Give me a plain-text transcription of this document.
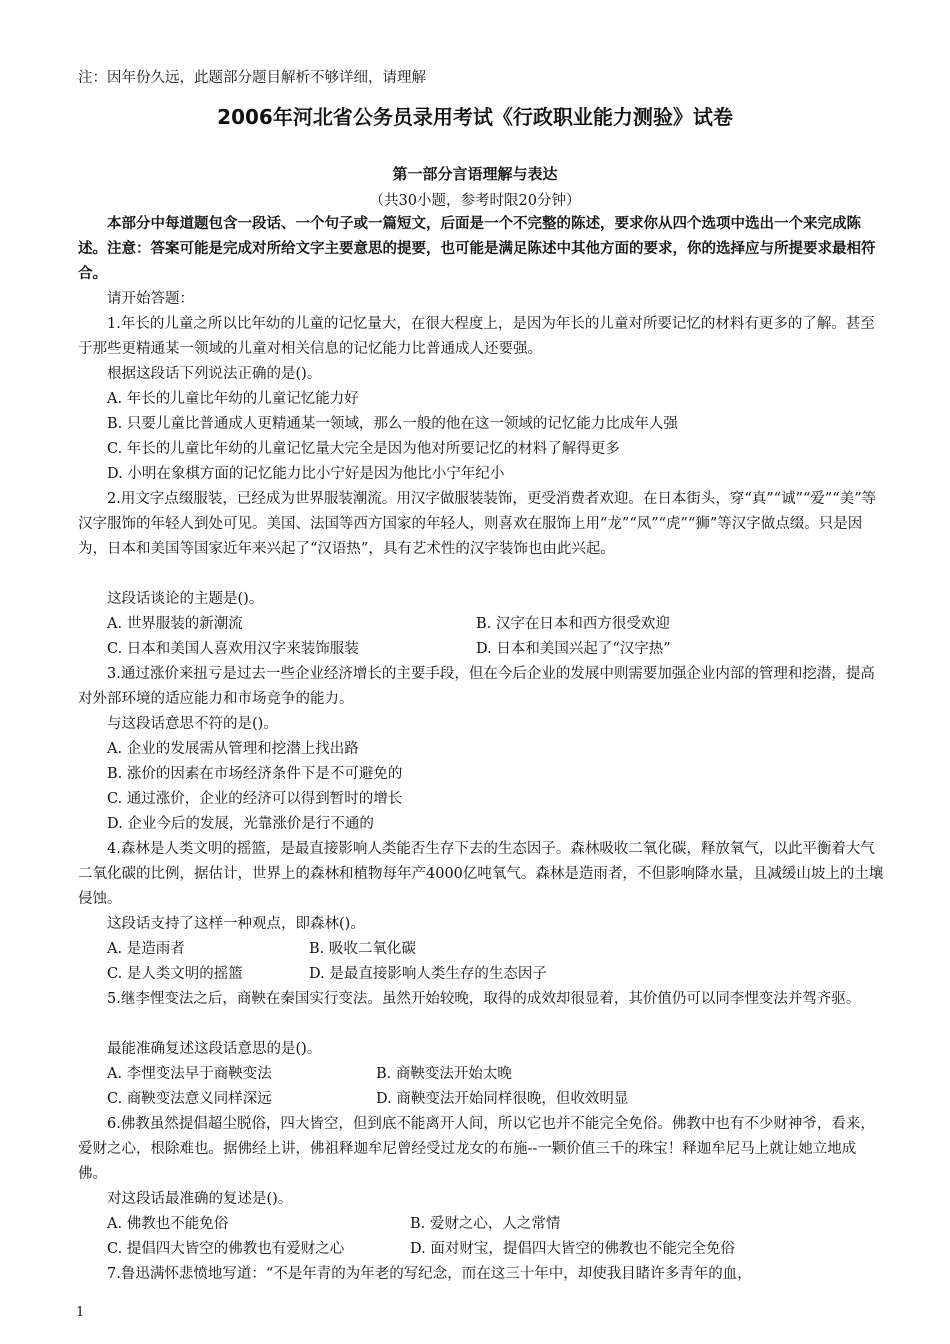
注：因年份久远，此题部分题目解析不够详细，请理解
2006年河北省公务员录用考试《行政职业能力测验》试卷
第一部分言语理解与表达
（共30小题，参考时限20分钟）
本部分中每道题包含一段话、一个句子或一篇短文，后面是一个不完整的陈述，要求你从四个选项中选出一个来完成陈述。注意：答案可能是完成对所给文字主要意思的提要，也可能是满足陈述中其他方面的要求，你的选择应与所提要求最相符合。
请开始答题：
1.年长的儿童之所以比年幼的儿童的记忆量大，在很大程度上，是因为年长的儿童对所要记忆的材料有更多的了解。甚至于那些更精通某一领域的儿童对相关信息的记忆能力比普通成人还要强。
根据这段话下列说法正确的是()。
A. 年长的儿童比年幼的儿童记忆能力好
B. 只要儿童比普通成人更精通某一领域，那么一般的他在这一领域的记忆能力比成年人强
C. 年长的儿童比年幼的儿童记忆量大完全是因为他对所要记忆的材料了解得更多
D. 小明在象棋方面的记忆能力比小宁好是因为他比小宁年纪小
2.用文字点缀服装，已经成为世界服装潮流。用汉字做服装装饰，更受消费者欢迎。在日本街头，穿“真”“诚”“爱”“美”等汉字服饰的年轻人到处可见。美国、法国等西方国家的年轻人，则喜欢在服饰上用“龙”“凤”“虎”“狮”等汉字做点缀。只是因为，日本和美国等国家近年来兴起了“汉语热”，具有艺术性的汉字装饰也由此兴起。
这段话谈论的主题是()。
A. 世界服装的新潮流	B. 汉字在日本和西方很受欢迎
C. 日本和美国人喜欢用汉字来装饰服装	D. 日本和美国兴起了“汉字热”
3.通过涨价来扭亏是过去一些企业经济增长的主要手段，但在今后企业的发展中则需要加强企业内部的管理和挖潜，提高对外部环境的适应能力和市场竞争的能力。
与这段话意思不符的是()。
A. 企业的发展需从管理和挖潜上找出路
B. 涨价的因素在市场经济条件下是不可避免的
C. 通过涨价，企业的经济可以得到暂时的增长
D. 企业今后的发展，光靠涨价是行不通的
4.森林是人类文明的摇篮，是最直接影响人类能否生存下去的生态因子。森林吸收二氧化碳，释放氧气，以此平衡着大气二氧化碳的比例，据估计，世界上的森林和植物每年产4000亿吨氧气。森林是造雨者，不但影响降水量，且减缓山坡上的土壤侵蚀。
这段话支持了这样一种观点，即森林()。
A. 是造雨者	B. 吸收二氧化碳
C. 是人类文明的摇篮	D. 是最直接影响人类生存的生态因子
5.继李悝变法之后，商鞅在秦国实行变法。虽然开始较晚，取得的成效却很显着，其价值仍可以同李悝变法并驾齐驱。
最能准确复述这段话意思的是()。
A. 李悝变法早于商鞅变法	B. 商鞅变法开始太晚
C. 商鞅变法意义同样深远	D. 商鞅变法开始同样很晚，但收效明显
6.佛教虽然提倡超尘脱俗，四大皆空，但到底不能离开人间，所以它也并不能完全免俗。佛教中也有不少财神爷，看来，爱财之心，根除难也。据佛经上讲，佛祖释迦牟尼曾经受过龙女的布施--一颗价值三千的珠宝！释迦牟尼马上就让她立地成佛。
对这段话最准确的复述是()。
A. 佛教也不能免俗	B. 爱财之心，人之常情
C. 提倡四大皆空的佛教也有爱财之心	D. 面对财宝，提倡四大皆空的佛教也不能完全免俗
7.鲁迅满怀悲愤地写道：“不是年青的为年老的写纪念，而在这三十年中，却使我目睹许多青年的血，
1
